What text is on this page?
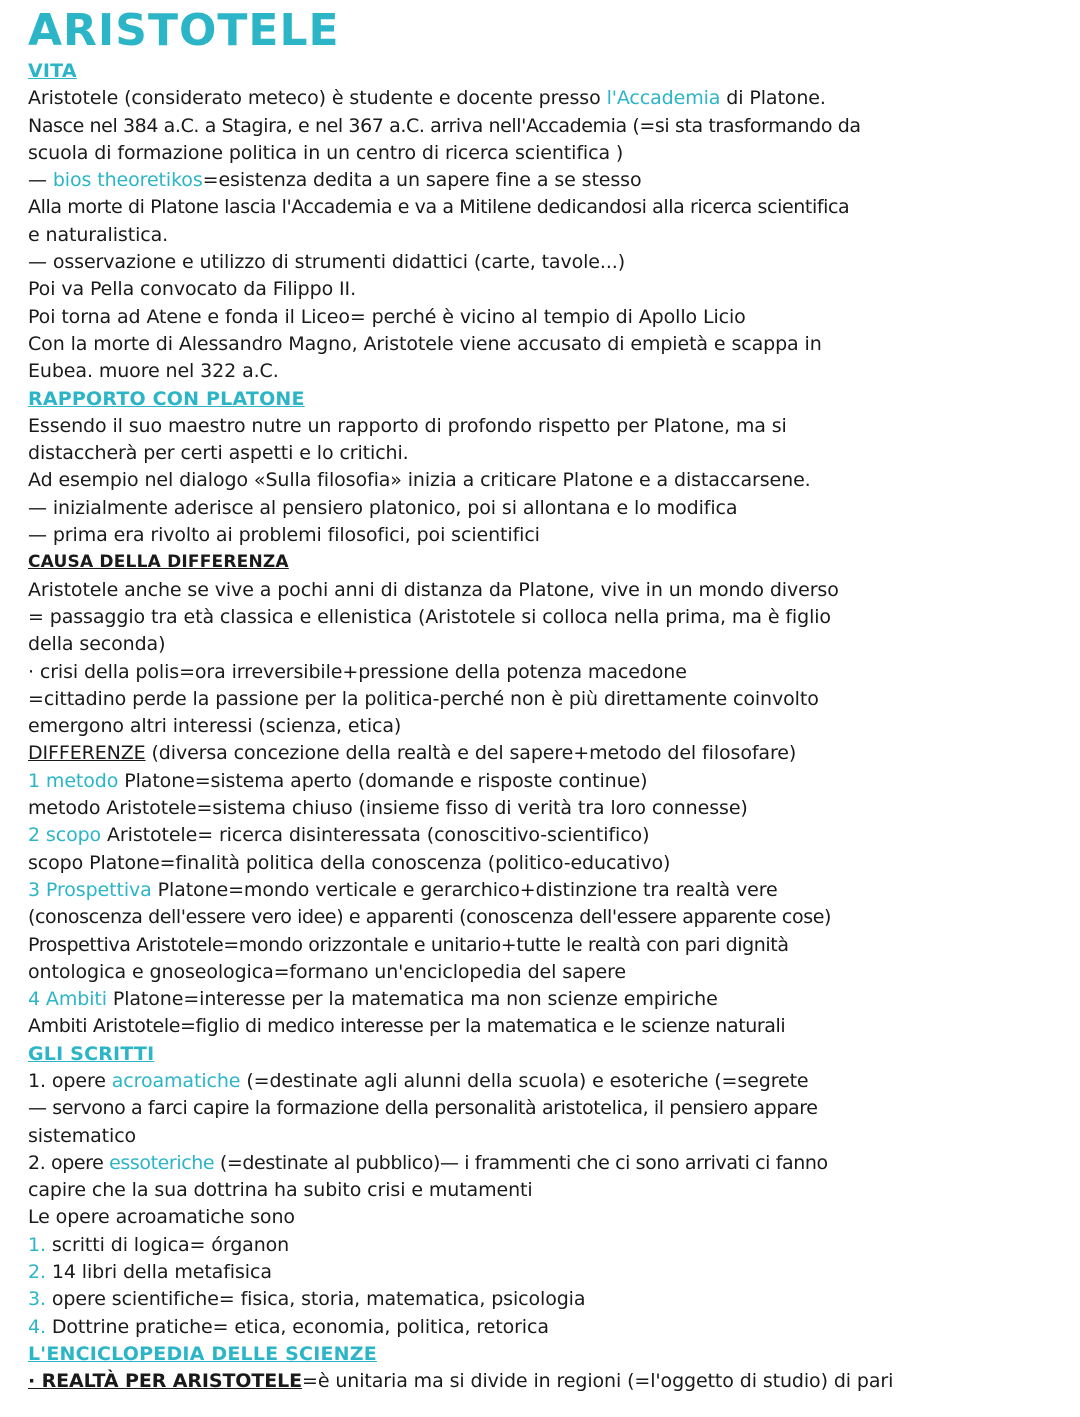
ARISTOTELE
VITA
Aristotele (considerato meteco) è studente e docente presso l'Accademia di Platone.
Nasce nel 384 a.C. a Stagira, e nel 367 a.C. arriva nell'Accademia (=si sta trasformando da
scuola di formazione politica in un centro di ricerca scientifica )
— bios theoretikos=esistenza dedita a un sapere fine a se stesso
Alla morte di Platone lascia l'Accademia e va a Mitilene dedicandosi alla ricerca scientifica
e naturalistica.
— osservazione e utilizzo di strumenti didattici (carte, tavole...)
Poi va Pella convocato da Filippo II.
Poi torna ad Atene e fonda il Liceo= perché è vicino al tempio di Apollo Licio
Con la morte di Alessandro Magno, Aristotele viene accusato di empietà e scappa in
Eubea. muore nel 322 a.C.
RAPPORTO CON PLATONE
Essendo il suo maestro nutre un rapporto di profondo rispetto per Platone, ma si
distaccherà per certi aspetti e lo critichi.
Ad esempio nel dialogo «Sulla filosofia» inizia a criticare Platone e a distaccarsene.
— inizialmente aderisce al pensiero platonico, poi si allontana e lo modifica
— prima era rivolto ai problemi filosofici, poi scientifici
CAUSA DELLA DIFFERENZA
Aristotele anche se vive a pochi anni di distanza da Platone, vive in un mondo diverso
= passaggio tra età classica e ellenistica (Aristotele si colloca nella prima, ma è figlio
della seconda)
· crisi della polis=ora irreversibile+pressione della potenza macedone
=cittadino perde la passione per la politica-perché non è più direttamente coinvolto
emergono altri interessi (scienza, etica)
DIFFERENZE (diversa concezione della realtà e del sapere+metodo del filosofare)
1 metodo Platone=sistema aperto (domande e risposte continue)
metodo Aristotele=sistema chiuso (insieme fisso di verità tra loro connesse)
2 scopo Aristotele= ricerca disinteressata (conoscitivo-scientifico)
scopo Platone=finalità politica della conoscenza (politico-educativo)
3 Prospettiva Platone=mondo verticale e gerarchico+distinzione tra realtà vere
(conoscenza dell'essere vero idee) e apparenti (conoscenza dell'essere apparente cose)
Prospettiva Aristotele=mondo orizzontale e unitario+tutte le realtà con pari dignità
ontologica e gnoseologica=formano un'enciclopedia del sapere
4 Ambiti Platone=interesse per la matematica ma non scienze empiriche
Ambiti Aristotele=figlio di medico interesse per la matematica e le scienze naturali
GLI SCRITTI
1. opere acroamatiche (=destinate agli alunni della scuola) e esoteriche (=segrete
— servono a farci capire la formazione della personalità aristotelica, il pensiero appare
sistematico
2. opere essoteriche (=destinate al pubblico)— i frammenti che ci sono arrivati ci fanno
capire che la sua dottrina ha subito crisi e mutamenti
Le opere acroamatiche sono
1. scritti di logica= órganon
2. 14 libri della metafisica
3. opere scientifiche= fisica, storia, matematica, psicologia
4. Dottrine pratiche= etica, economia, politica, retorica
L'ENCICLOPEDIA DELLE SCIENZE
· REALTÀ PER ARISTOTELE=è unitaria ma si divide in regioni (=l'oggetto di studio) di pari
